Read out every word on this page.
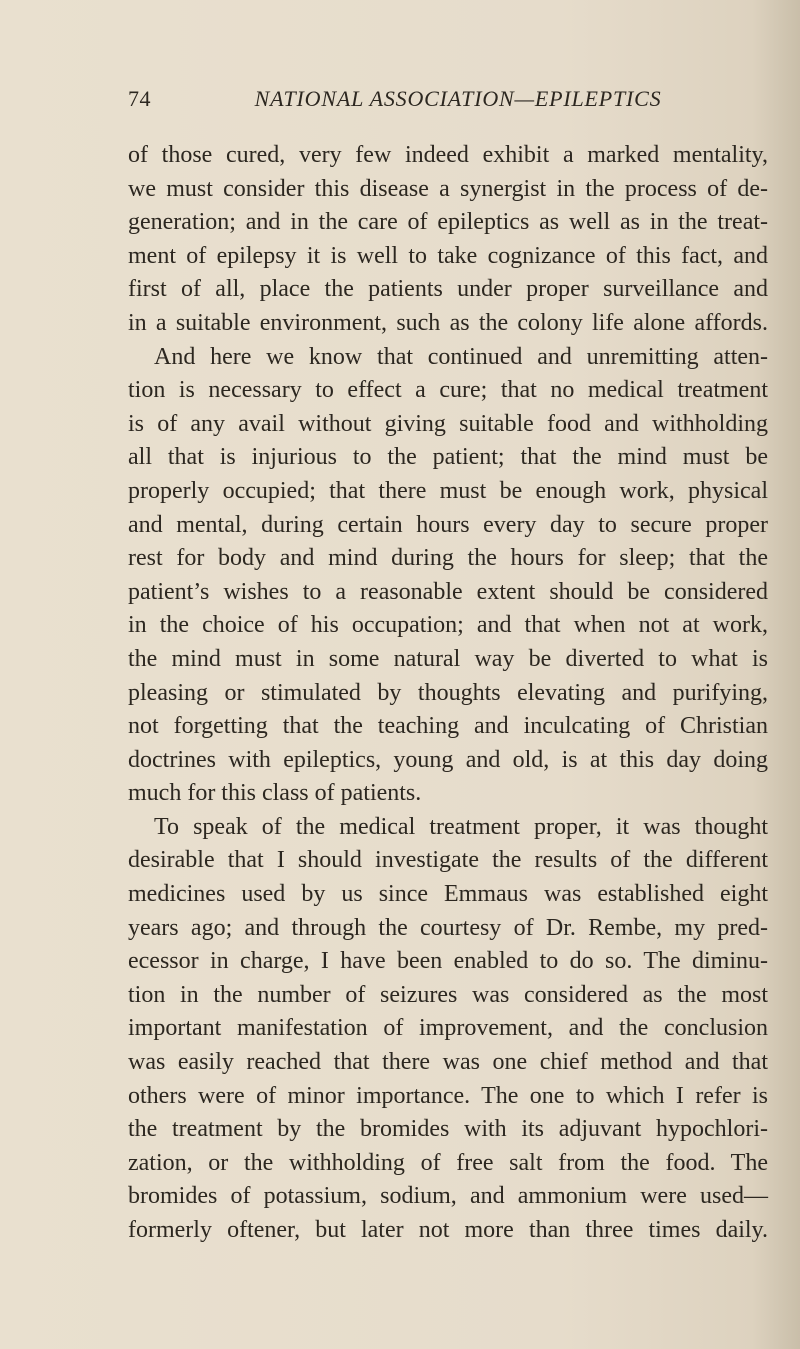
74	NATIONAL ASSOCIATION—EPILEPTICS
of those cured, very few indeed exhibit a marked mentality,
we must consider this disease a synergist in the process of de-
generation; and in the care of epileptics as well as in the treat-
ment of epilepsy it is well to take cognizance of this fact, and
first of all, place the patients under proper surveillance and
in a suitable environment, such as the colony life alone affords.
And here we know that continued and unremitting atten-
tion is necessary to effect a cure; that no medical treatment
is of any avail without giving suitable food and withholding
all that is injurious to the patient; that the mind must be
properly occupied; that there must be enough work, physical
and mental, during certain hours every day to secure proper
rest for body and mind during the hours for sleep; that the
patient’s wishes to a reasonable extent should be considered
in the choice of his occupation; and that when not at work,
the mind must in some natural way be diverted to what is
pleasing or stimulated by thoughts elevating and purifying,
not forgetting that the teaching and inculcating of Christian
doctrines with epileptics, young and old, is at this day doing
much for this class of patients.
To speak of the medical treatment proper, it was thought
desirable that I should investigate the results of the different
medicines used by us since Emmaus was established eight
years ago; and through the courtesy of Dr. Rembe, my pred-
ecessor in charge, I have been enabled to do so. The diminu-
tion in the number of seizures was considered as the most
important manifestation of improvement, and the conclusion
was easily reached that there was one chief method and that
others were of minor importance. The one to which I refer is
the treatment by the bromides with its adjuvant hypochlori-
zation, or the withholding of free salt from the food. The
bromides of potassium, sodium, and ammonium were used—
formerly oftener, but later not more than three times daily.
